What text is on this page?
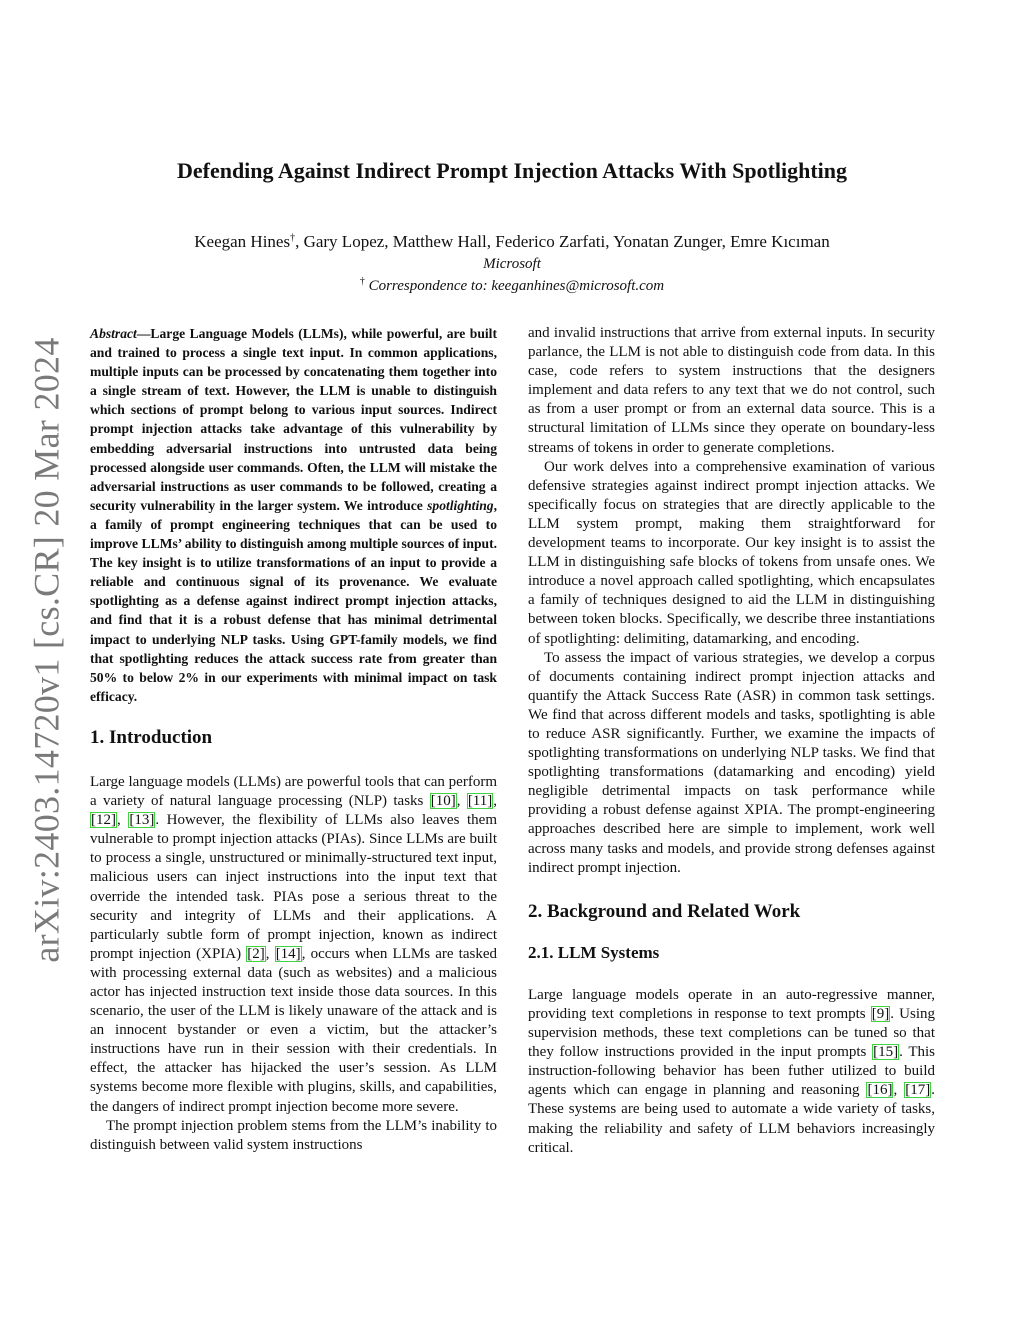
arXiv:2403.14720v1 [cs.CR] 20 Mar 2024
Defending Against Indirect Prompt Injection Attacks With Spotlighting
Keegan Hines†, Gary Lopez, Matthew Hall, Federico Zarfati, Yonatan Zunger, Emre Kıcıman
Microsoft
† Correspondence to: keeganhines@microsoft.com

Abstract—Large Language Models (LLMs), while powerful, are built and trained to process a single text input. In common applications, multiple inputs can be processed by concatenating them together into a single stream of text. However, the LLM is unable to distinguish which sections of prompt belong to various input sources. Indirect prompt injection attacks take advantage of this vulnerability by embedding adversarial instructions into untrusted data being processed alongside user commands. Often, the LLM will mistake the adversarial instructions as user commands to be followed, creating a security vulnerability in the larger system. We introduce spotlighting, a family of prompt engineering techniques that can be used to improve LLMs’ ability to distinguish among multiple sources of input. The key insight is to utilize transformations of an input to provide a reliable and continuous signal of its provenance. We evaluate spotlighting as a defense against indirect prompt injection attacks, and find that it is a robust defense that has minimal detrimental impact to underlying NLP tasks. Using GPT-family models, we find that spotlighting reduces the attack success rate from greater than 50% to below 2% in our experiments with minimal impact on task efficacy.

1. Introduction

Large language models (LLMs) are powerful tools that can perform a variety of natural language processing (NLP) tasks [10], [11], [12], [13]. However, the flexibility of LLMs also leaves them vulnerable to prompt injection attacks (PIAs). Since LLMs are built to process a single, unstructured or minimally-structured text input, malicious users can inject instructions into the input text that override the intended task. PIAs pose a serious threat to the security and integrity of LLMs and their applications. A particularly subtle form of prompt injection, known as indirect prompt injection (XPIA) [2], [14], occurs when LLMs are tasked with processing external data (such as websites) and a malicious actor has injected instruction text inside those data sources. In this scenario, the user of the LLM is likely unaware of the attack and is an innocent bystander or even a victim, but the attacker’s instructions have run in their session with their credentials. In effect, the attacker has hijacked the user’s session. As LLM systems become more flexible with plugins, skills, and capabilities, the dangers of indirect prompt injection become more severe.

The prompt injection problem stems from the LLM’s inability to distinguish between valid system instructions

and invalid instructions that arrive from external inputs. In security parlance, the LLM is not able to distinguish code from data. In this case, code refers to system instructions that the designers implement and data refers to any text that we do not control, such as from a user prompt or from an external data source. This is a structural limitation of LLMs since they operate on boundary-less streams of tokens in order to generate completions.

Our work delves into a comprehensive examination of various defensive strategies against indirect prompt injection attacks. We specifically focus on strategies that are directly applicable to the LLM system prompt, making them straightforward for development teams to incorporate. Our key insight is to assist the LLM in distinguishing safe blocks of tokens from unsafe ones. We introduce a novel approach called spotlighting, which encapsulates a family of techniques designed to aid the LLM in distinguishing between token blocks. Specifically, we describe three instantiations of spotlighting: delimiting, datamarking, and encoding.

To assess the impact of various strategies, we develop a corpus of documents containing indirect prompt injection attacks and quantify the Attack Success Rate (ASR) in common task settings. We find that across different models and tasks, spotlighting is able to reduce ASR significantly. Further, we examine the impacts of spotlighting transformations on underlying NLP tasks. We find that spotlighting transformations (datamarking and encoding) yield negligible detrimental impacts on task performance while providing a robust defense against XPIA. The prompt-engineering approaches described here are simple to implement, work well across many tasks and models, and provide strong defenses against indirect prompt injection.

2. Background and Related Work
2.1. LLM Systems

Large language models operate in an auto-regressive manner, providing text completions in response to text prompts [9]. Using supervision methods, these text completions can be tuned so that they follow instructions provided in the input prompts [15]. This instruction-following behavior has been futher utilized to build agents which can engage in planning and reasoning [16], [17]. These systems are being used to automate a wide variety of tasks, making the reliability and safety of LLM behaviors increasingly critical.
